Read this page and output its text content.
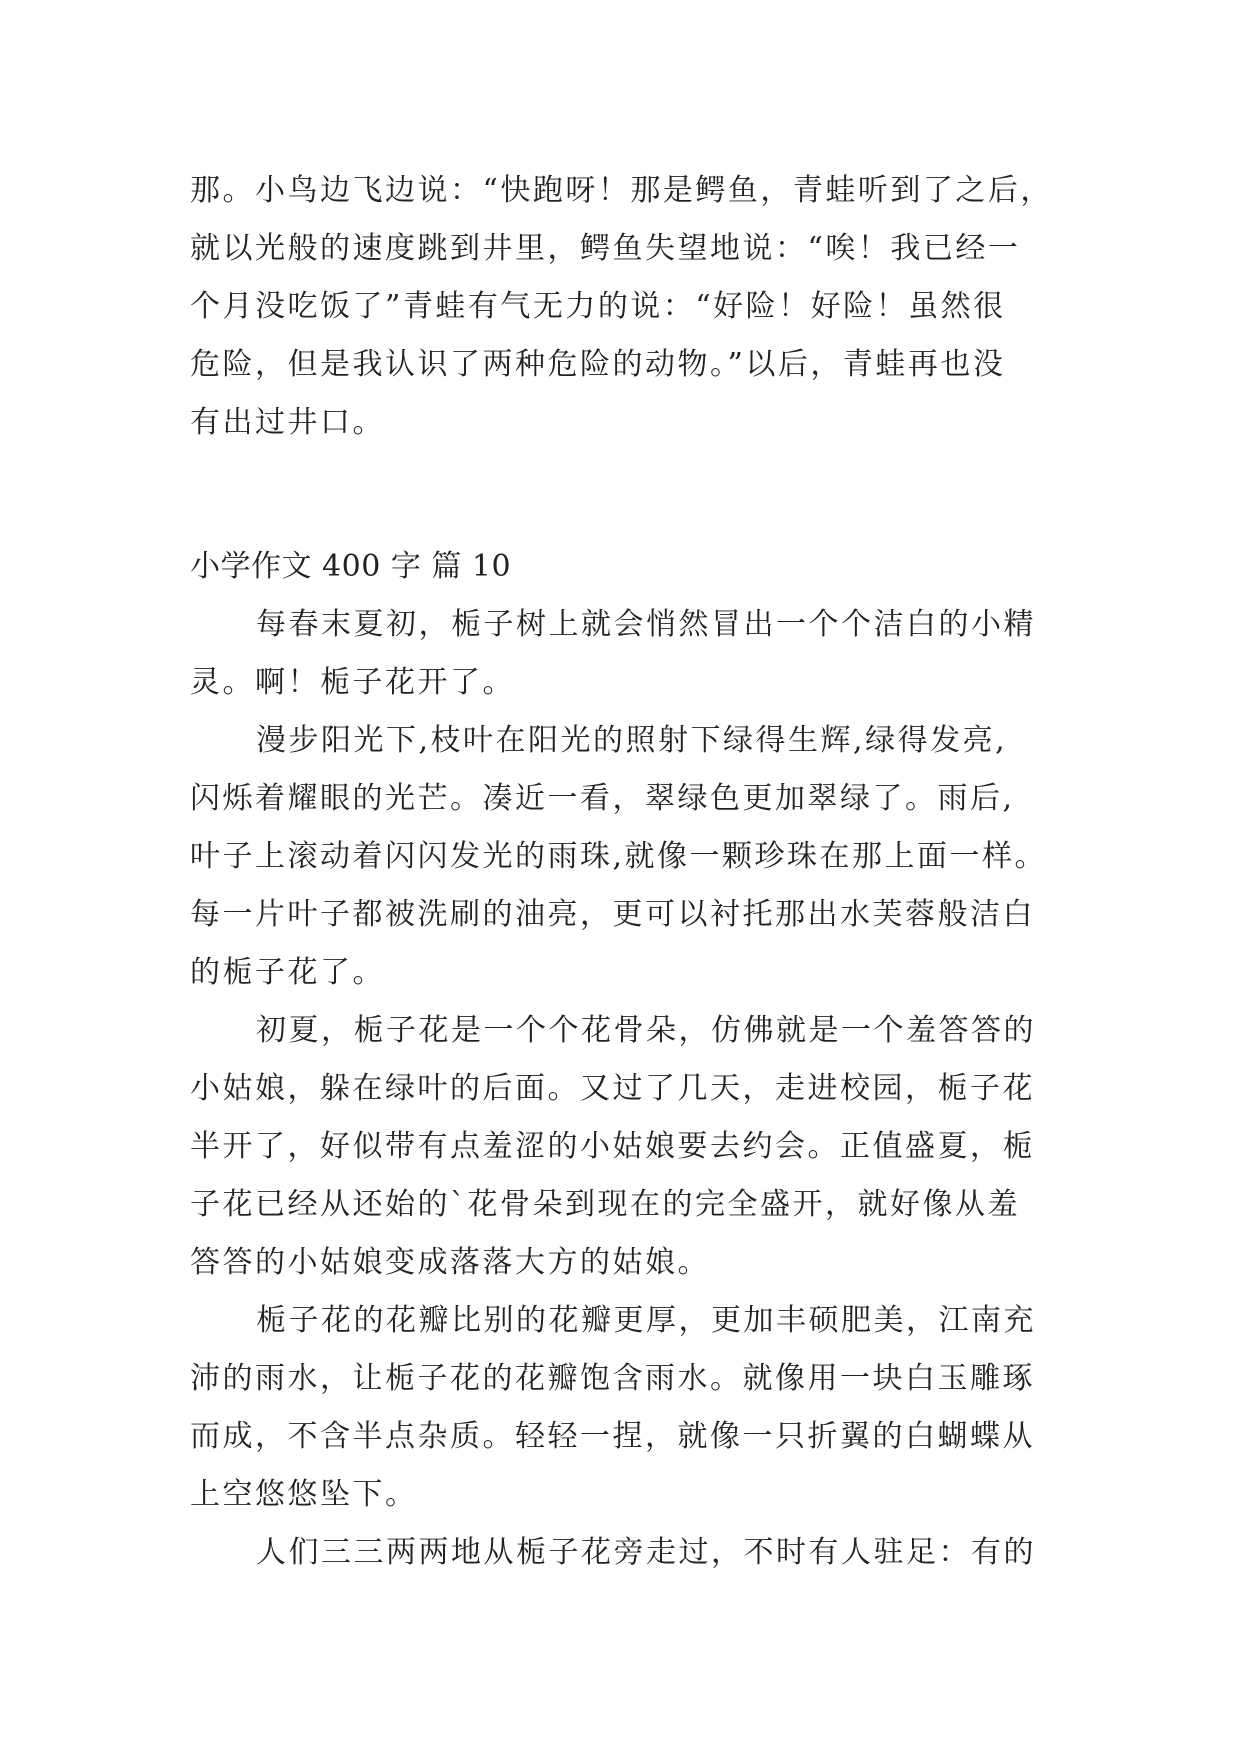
那。小鸟边飞边说：“快跑呀！那是鳄鱼，青蛙听到了之后，
就以光般的速度跳到井里，鳄鱼失望地说：“唉！我已经一
个月没吃饭了”青蛙有气无力的说：“好险！好险！虽然很
危险，但是我认识了两种危险的动物。”以后，青蛙再也没
有出过井口。
小学作文 400 字 篇 10
每春末夏初，栀子树上就会悄然冒出一个个洁白的小精
灵。啊！栀子花开了。
漫步阳光下,枝叶在阳光的照射下绿得生辉,绿得发亮,
闪烁着耀眼的光芒。凑近一看，翠绿色更加翠绿了。雨后,
叶子上滚动着闪闪发光的雨珠,就像一颗珍珠在那上面一样。
每一片叶子都被洗刷的油亮，更可以衬托那出水芙蓉般洁白
的栀子花了。
初夏，栀子花是一个个花骨朵，仿佛就是一个羞答答的
小姑娘，躲在绿叶的后面。又过了几天，走进校园，栀子花
半开了，好似带有点羞涩的小姑娘要去约会。正值盛夏，栀
子花已经从还始的`花骨朵到现在的完全盛开，就好像从羞
答答的小姑娘变成落落大方的姑娘。
栀子花的花瓣比别的花瓣更厚，更加丰硕肥美，江南充
沛的雨水，让栀子花的花瓣饱含雨水。就像用一块白玉雕琢
而成，不含半点杂质。轻轻一捏，就像一只折翼的白蝴蝶从
上空悠悠坠下。
人们三三两两地从栀子花旁走过，不时有人驻足：有的
